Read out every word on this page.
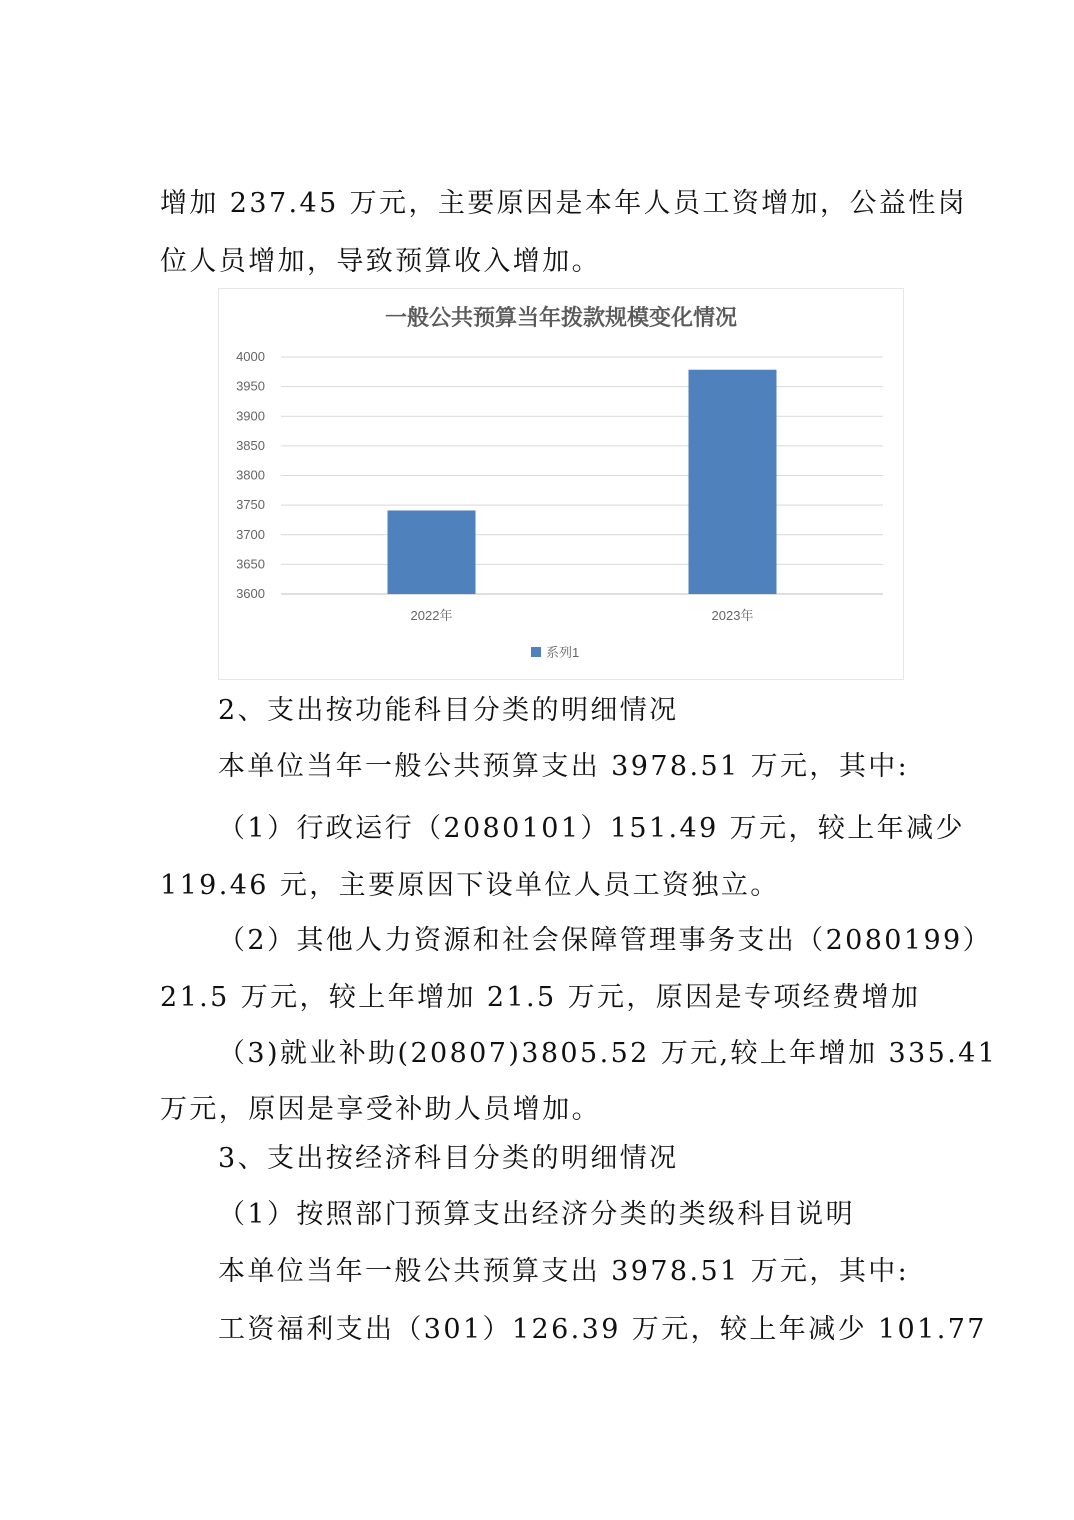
增加 237.45 万元，主要原因是本年人员工资增加，公益性岗
位人员增加，导致预算收入增加。
一般公共预算当年拨款规模变化情况
3600
3650
3700
3750
3800
3850
3900
3950
4000
2022年	2023年
系列1
2、支出按功能科目分类的明细情况
本单位当年一般公共预算支出 3978.51 万元，其中:
（1）行政运行（2080101）151.49 万元，较上年减少
119.46 元，主要原因下设单位人员工资独立。
（2）其他人力资源和社会保障管理事务支出（2080199）
21.5 万元，较上年增加 21.5 万元，原因是专项经费增加
（3)就业补助(20807)3805.52 万元,较上年增加 335.41
万元，原因是享受补助人员增加。
3、支出按经济科目分类的明细情况
（1）按照部门预算支出经济分类的类级科目说明
本单位当年一般公共预算支出 3978.51 万元，其中:
工资福利支出（301）126.39 万元，较上年减少 101.77
